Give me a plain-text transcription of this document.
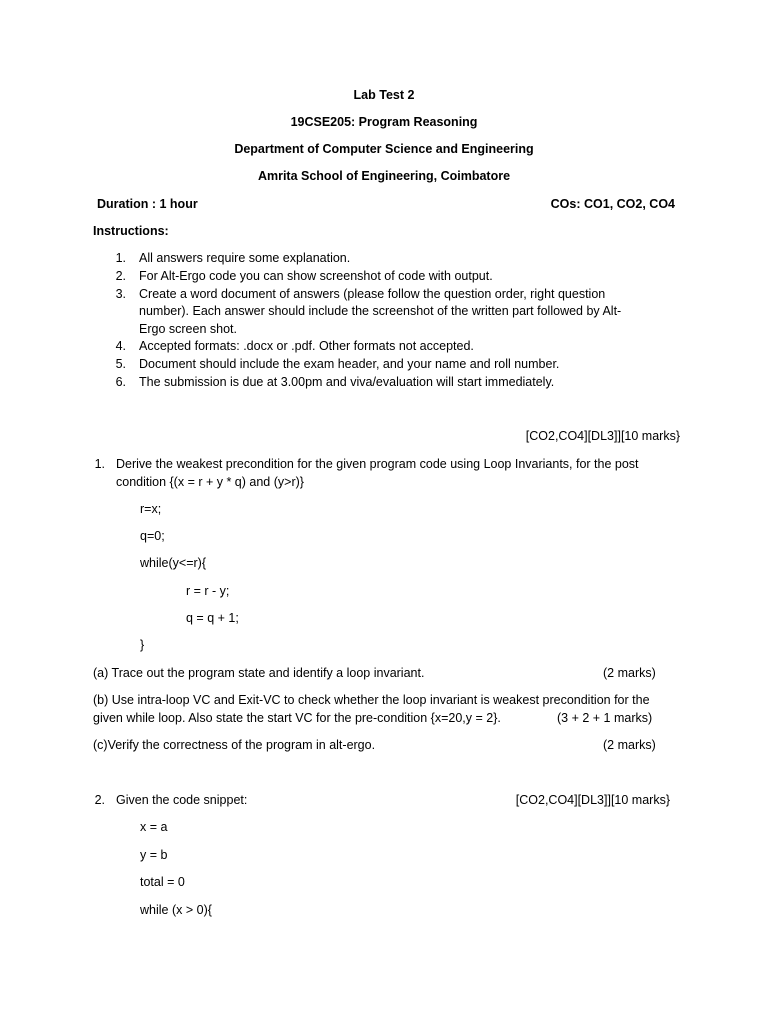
Lab Test 2
19CSE205: Program Reasoning
Department of Computer Science and Engineering
Amrita School of Engineering, Coimbatore
Duration : 1 hour	COs: CO1, CO2, CO4
Instructions:
1. All answers require some explanation.
2. For Alt-Ergo code you can show screenshot of code with output.
3. Create a word document of answers (please follow the question order, right question
number). Each answer should include the screenshot of the written part followed by Alt-
Ergo screen shot.
4. Accepted formats: .docx or .pdf. Other formats not accepted.
5. Document should include the exam header, and your name and roll number.
6. The submission is due at 3.00pm and viva/evaluation will start immediately.
[CO2,CO4][DL3]][10 marks}
1. Derive the weakest precondition for the given program code using Loop Invariants, for the post
condition {(x = r + y * q) and (y>r)}
r=x;
q=0;
while(y<=r){
r = r - y;
q = q + 1;
}
(a) Trace out the program state and identify a loop invariant.	(2 marks)
(b) Use intra-loop VC and Exit-VC to check whether the loop invariant is weakest precondition for the
given while loop. Also state the start VC for the pre-condition {x=20,y = 2}.	(3 + 2 + 1 marks)
(c)Verify the correctness of the program in alt-ergo.	(2 marks)
2. Given the code snippet:	[CO2,CO4][DL3]][10 marks}
x = a
y = b
total = 0
while (x > 0){
